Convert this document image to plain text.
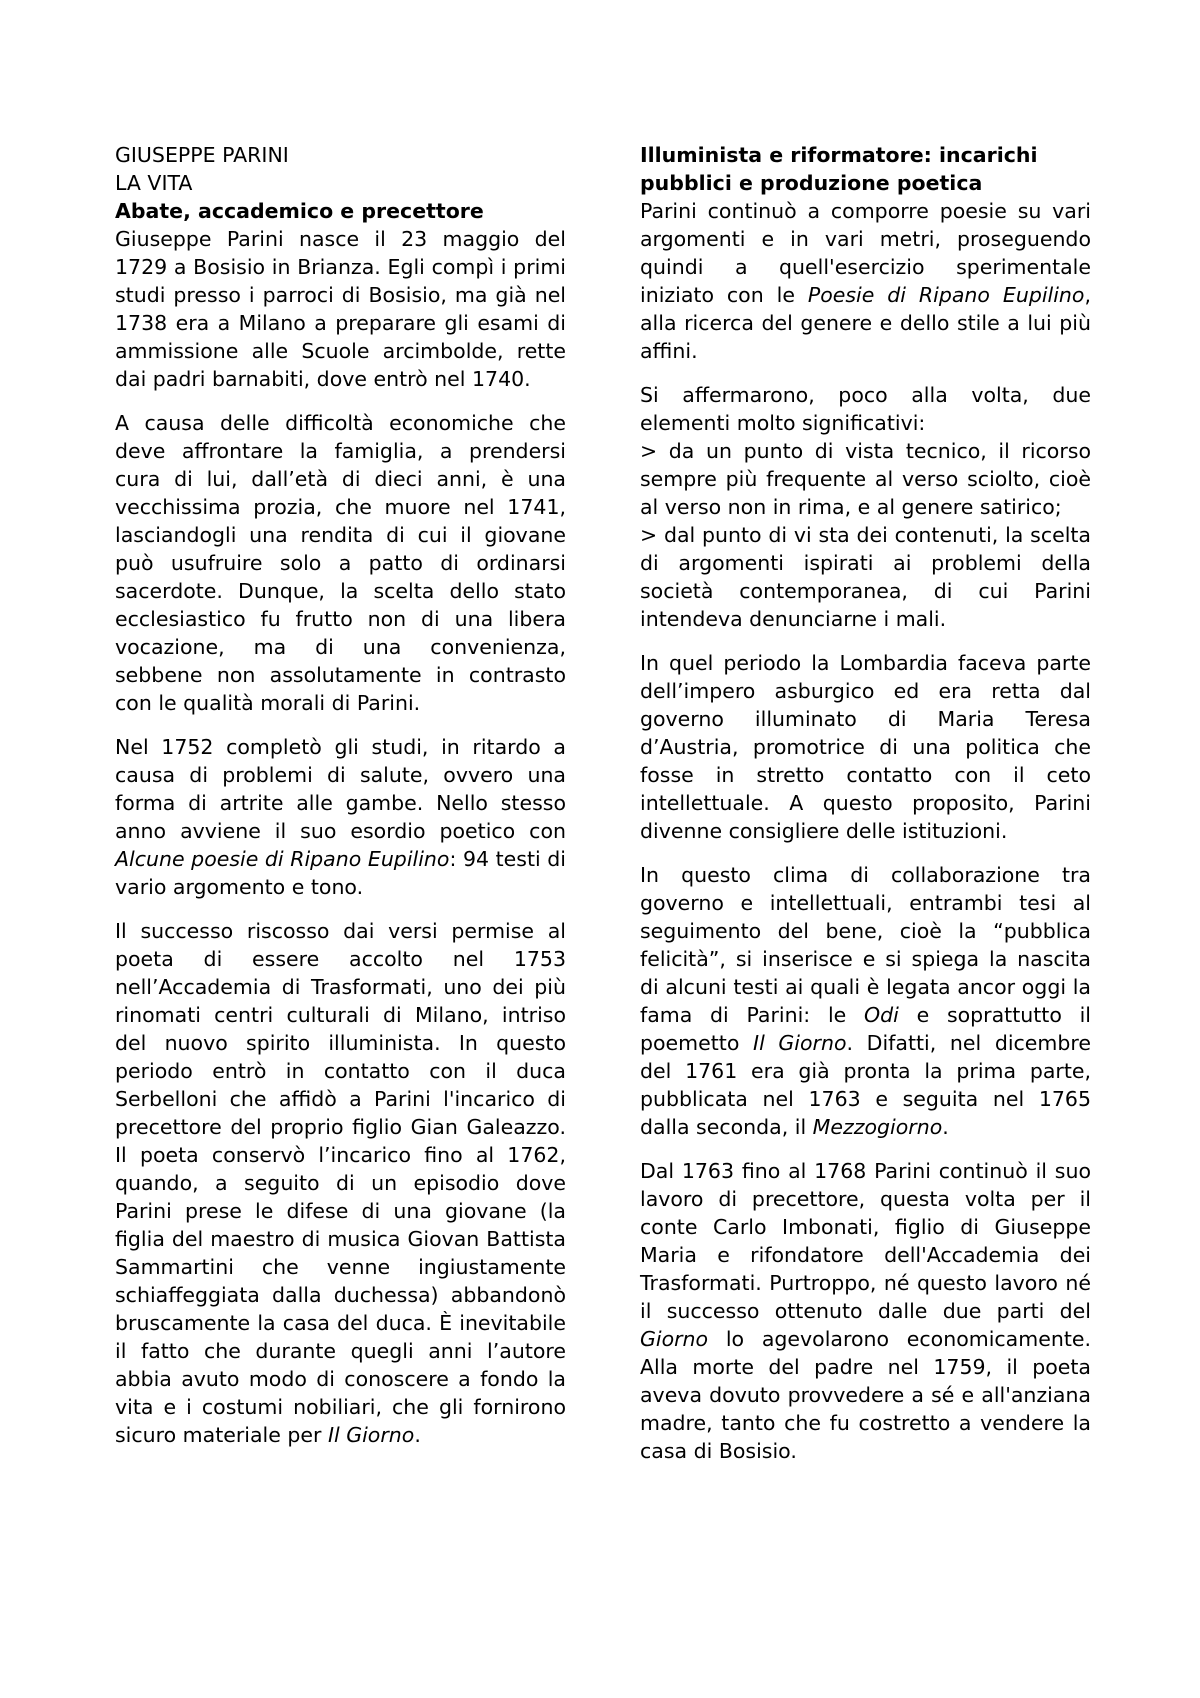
GIUSEPPE PARINI
LA VITA
Abate, accademico e precettore

Giuseppe Parini nasce il 23 maggio del 1729 a Bosisio in Brianza. Egli compì i primi studi presso i parroci di Bosisio, ma già nel 1738 era a Milano a preparare gli esami di ammissione alle Scuole arcimbolde, rette dai padri barnabiti, dove entrò nel 1740.

A causa delle difficoltà economiche che deve affrontare la famiglia, a prendersi cura di lui, dall’età di dieci anni, è una vecchissima prozia, che muore nel 1741, lasciandogli una rendita di cui il giovane può usufruire solo a patto di ordinarsi sacerdote. Dunque, la scelta dello stato ecclesiastico fu frutto non di una libera vocazione, ma di una convenienza, sebbene non assolutamente in contrasto con le qualità morali di Parini.

Nel 1752 completò gli studi, in ritardo a causa di problemi di salute, ovvero una forma di artrite alle gambe. Nello stesso anno avviene il suo esordio poetico con Alcune poesie di Ripano Eupilino: 94 testi di vario argomento e tono.

Il successo riscosso dai versi permise al poeta di essere accolto nel 1753 nell’Accademia di Trasformati, uno dei più rinomati centri culturali di Milano, intriso del nuovo spirito illuminista. In questo periodo entrò in contatto con il duca Serbelloni che affidò a Parini l'incarico di precettore del proprio figlio Gian Galeazzo. Il poeta conservò l’incarico fino al 1762, quando, a seguito di un episodio dove Parini prese le difese di una giovane (la figlia del maestro di musica Giovan Battista Sammartini che venne ingiustamente schiaffeggiata dalla duchessa) abbandonò bruscamente la casa del duca. È inevitabile il fatto che durante quegli anni l’autore abbia avuto modo di conoscere a fondo la vita e i costumi nobiliari, che gli fornirono sicuro materiale per Il Giorno.

Illuminista e riformatore: incarichi pubblici e produzione poetica

Parini continuò a comporre poesie su vari argomenti e in vari metri, proseguendo quindi a quell'esercizio sperimentale iniziato con le Poesie di Ripano Eupilino, alla ricerca del genere e dello stile a lui più affini.

Si affermarono, poco alla volta, due elementi molto significativi:
> da un punto di vista tecnico, il ricorso sempre più frequente al verso sciolto, cioè al verso non in rima, e al genere satirico;
> dal punto di vi sta dei contenuti, la scelta di argomenti ispirati ai problemi della società contemporanea, di cui Parini intendeva denunciarne i mali.

In quel periodo la Lombardia faceva parte dell’impero asburgico ed era retta dal governo illuminato di Maria Teresa d’Austria, promotrice di una politica che fosse in stretto contatto con il ceto intellettuale. A questo proposito, Parini divenne consigliere delle istituzioni.

In questo clima di collaborazione tra governo e intellettuali, entrambi tesi al seguimento del bene, cioè la “pubblica felicità”, si inserisce e si spiega la nascita di alcuni testi ai quali è legata ancor oggi la fama di Parini: le Odi e soprattutto il poemetto Il Giorno. Difatti, nel dicembre del 1761 era già pronta la prima parte, pubblicata nel 1763 e seguita nel 1765 dalla seconda, il Mezzogiorno.

Dal 1763 fino al 1768 Parini continuò il suo lavoro di precettore, questa volta per il conte Carlo Imbonati, figlio di Giuseppe Maria e rifondatore dell'Accademia dei Trasformati. Purtroppo, né questo lavoro né il successo ottenuto dalle due parti del Giorno lo agevolarono economicamente. Alla morte del padre nel 1759, il poeta aveva dovuto provvedere a sé e all'anziana madre, tanto che fu costretto a vendere la casa di Bosisio.
